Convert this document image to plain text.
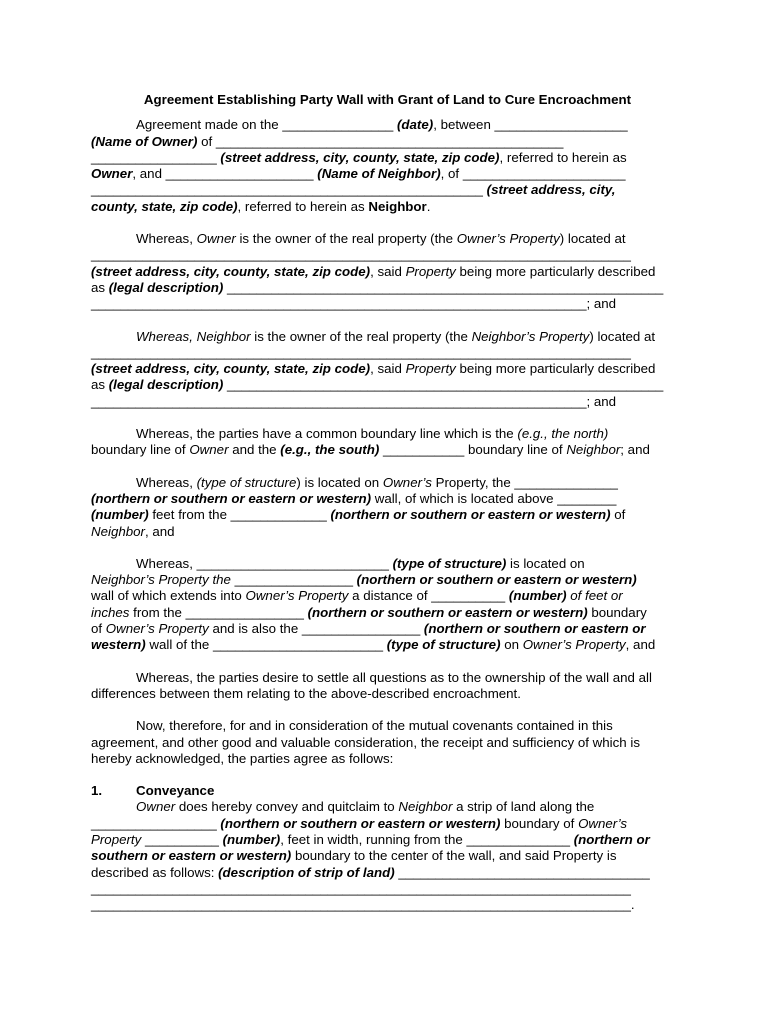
Agreement Establishing Party Wall with Grant of Land to Cure Encroachment

Agreement made on the _______________ (date), between __________________

(Name of Owner) of _______________________________________________

_________________ (street address, city, county, state, zip code), referred to herein as

Owner, and ____________________ (Name of Neighbor), of ______________________

_____________________________________________________ (street address, city,

county, state, zip code), referred to herein as Neighbor.

Whereas, Owner is the owner of the real property (the Owner’s Property) located at

_________________________________________________________________________

(street address, city, county, state, zip code), said Property being more particularly described

as (legal description) ___________________________________________________________

___________________________________________________________________; and

Whereas, Neighbor is the owner of the real property (the Neighbor’s Property) located at

_________________________________________________________________________

(street address, city, county, state, zip code), said Property being more particularly described

as (legal description) ___________________________________________________________

___________________________________________________________________; and

Whereas, the parties have a common boundary line which is the (e.g., the north)

boundary line of Owner and the (e.g., the south) ___________ boundary line of Neighbor; and

Whereas, (type of structure) is located on Owner’s Property, the ______________

(northern or southern or eastern or western) wall, of which is located above ________

(number) feet from the _____________ (northern or southern or eastern or western) of

Neighbor, and

Whereas, __________________________ (type of structure) is located on

Neighbor’s Property the ________________ (northern or southern or eastern or western)

wall of which extends into Owner’s Property a distance of __________ (number) of feet or

inches from the ________________ (northern or southern or eastern or western) boundary

of Owner’s Property and is also the ________________ (northern or southern or eastern or

western) wall of the _______________________ (type of structure) on Owner’s Property, and

Whereas, the parties desire to settle all questions as to the ownership of the wall and all

differences between them relating to the above-described encroachment.

Now, therefore, for and in consideration of the mutual covenants contained in this

agreement, and other good and valuable consideration, the receipt and sufficiency of which is

hereby acknowledged, the parties agree as follows:

1.	Conveyance

Owner does hereby convey and quitclaim to Neighbor a strip of land along the

_________________ (northern or southern or eastern or western) boundary of Owner’s

Property __________ (number), feet in width, running from the ______________ (northern or

southern or eastern or western) boundary to the center of the wall, and said Property is

described as follows: (description of strip of land) __________________________________

_________________________________________________________________________

_________________________________________________________________________.
